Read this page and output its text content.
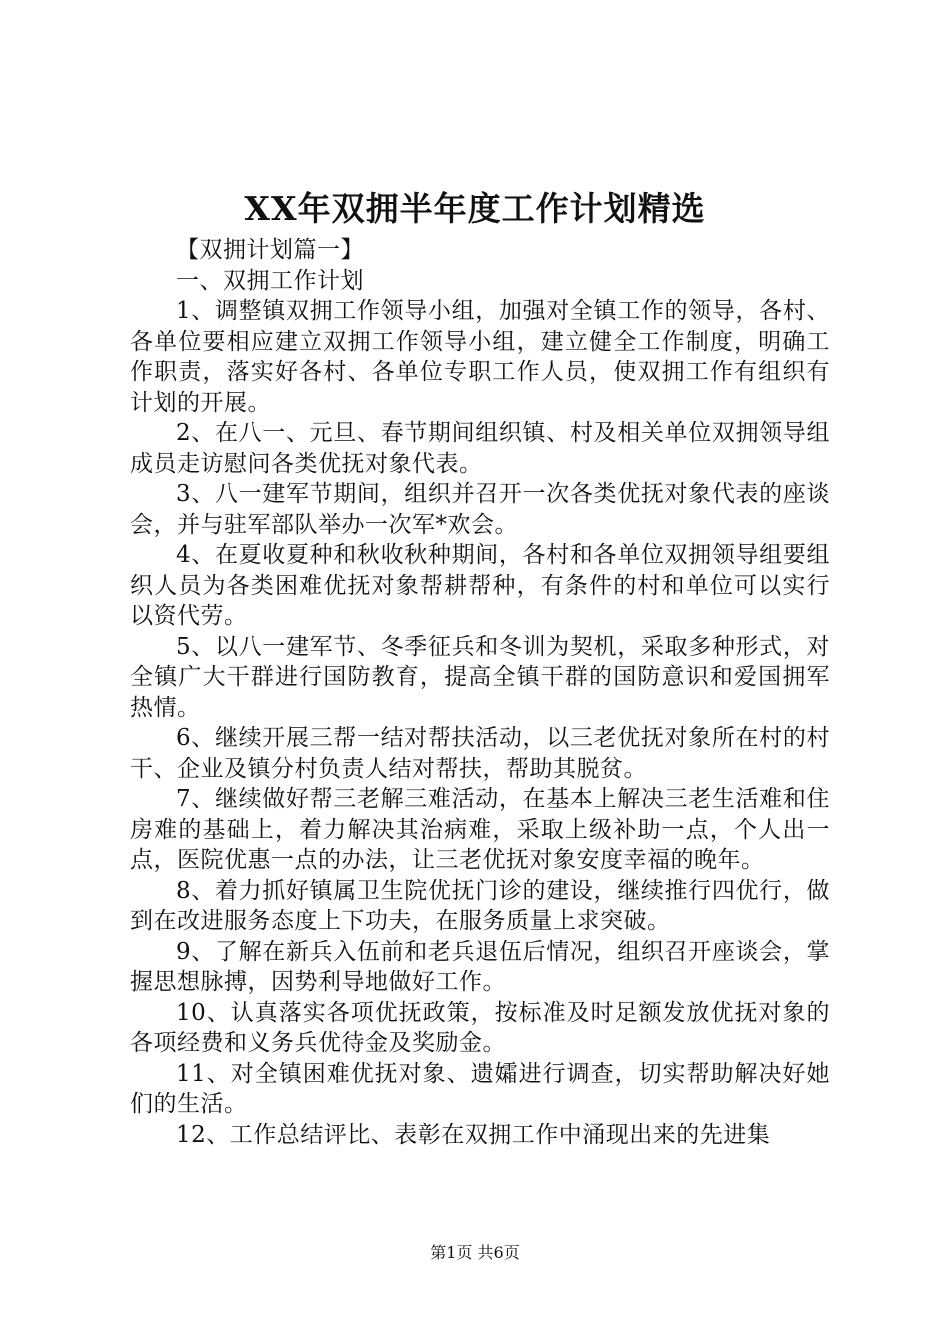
XX年双拥半年度工作计划精选

【双拥计划篇一】

一、双拥工作计划

1、调整镇双拥工作领导小组，加强对全镇工作的领导，各村、各单位要相应建立双拥工作领导小组，建立健全工作制度，明确工作职责，落实好各村、各单位专职工作人员，使双拥工作有组织有计划的开展。

2、在八一、元旦、春节期间组织镇、村及相关单位双拥领导组成员走访慰问各类优抚对象代表。

3、八一建军节期间，组织并召开一次各类优抚对象代表的座谈会，并与驻军部队举办一次军*欢会。

4、在夏收夏种和秋收秋种期间，各村和各单位双拥领导组要组织人员为各类困难优抚对象帮耕帮种，有条件的村和单位可以实行以资代劳。

5、以八一建军节、冬季征兵和冬训为契机，采取多种形式，对全镇广大干群进行国防教育，提高全镇干群的国防意识和爱国拥军热情。

6、继续开展三帮一结对帮扶活动，以三老优抚对象所在村的村干、企业及镇分村负责人结对帮扶，帮助其脱贫。

7、继续做好帮三老解三难活动，在基本上解决三老生活难和住房难的基础上，着力解决其治病难，采取上级补助一点，个人出一点，医院优惠一点的办法，让三老优抚对象安度幸福的晚年。

8、着力抓好镇属卫生院优抚门诊的建设，继续推行四优行，做到在改进服务态度上下功夫，在服务质量上求突破。

9、了解在新兵入伍前和老兵退伍后情况，组织召开座谈会，掌握思想脉搏，因势利导地做好工作。

10、认真落实各项优抚政策，按标准及时足额发放优抚对象的各项经费和义务兵优待金及奖励金。

11、对全镇困难优抚对象、遗孀进行调查，切实帮助解决好她们的生活。

12、工作总结评比、表彰在双拥工作中涌现出来的先进集

第1页 共6页
